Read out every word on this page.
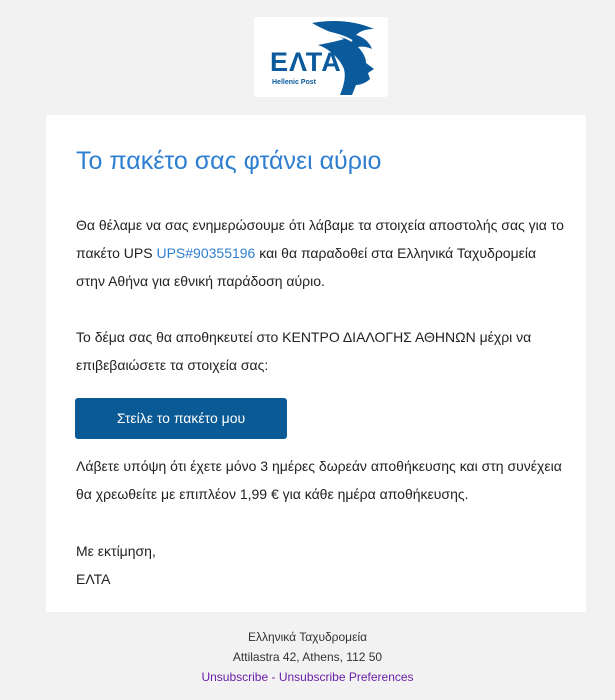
ΕΛΤΑ
Hellenic Post
Το πακέτο σας φτάνει αύριο

Θα θέλαμε να σας ενημερώσουμε ότι λάβαμε τα στοιχεία αποστολής σας για το πακέτο UPS UPS#90355196 και θα παραδοθεί στα Ελληνικά Ταχυδρομεία στην Αθήνα για εθνική παράδοση αύριο.

Το δέμα σας θα αποθηκευτεί στο ΚΕΝΤΡΟ ΔΙΑΛΟΓΗΣ ΑΘΗΝΩΝ μέχρι να επιβεβαιώσετε τα στοιχεία σας:

Στείλε το πακέτο μου

Λάβετε υπόψη ότι έχετε μόνο 3 ημέρες δωρεάν αποθήκευσης και στη συνέχεια θα χρεωθείτε με επιπλέον 1,99 € για κάθε ημέρα αποθήκευσης.

Με εκτίμηση,
ΕΛΤΑ

Ελληνικά Ταχυδρομεία
Attilastra 42, Athens, 112 50
Unsubscribe - Unsubscribe Preferences
